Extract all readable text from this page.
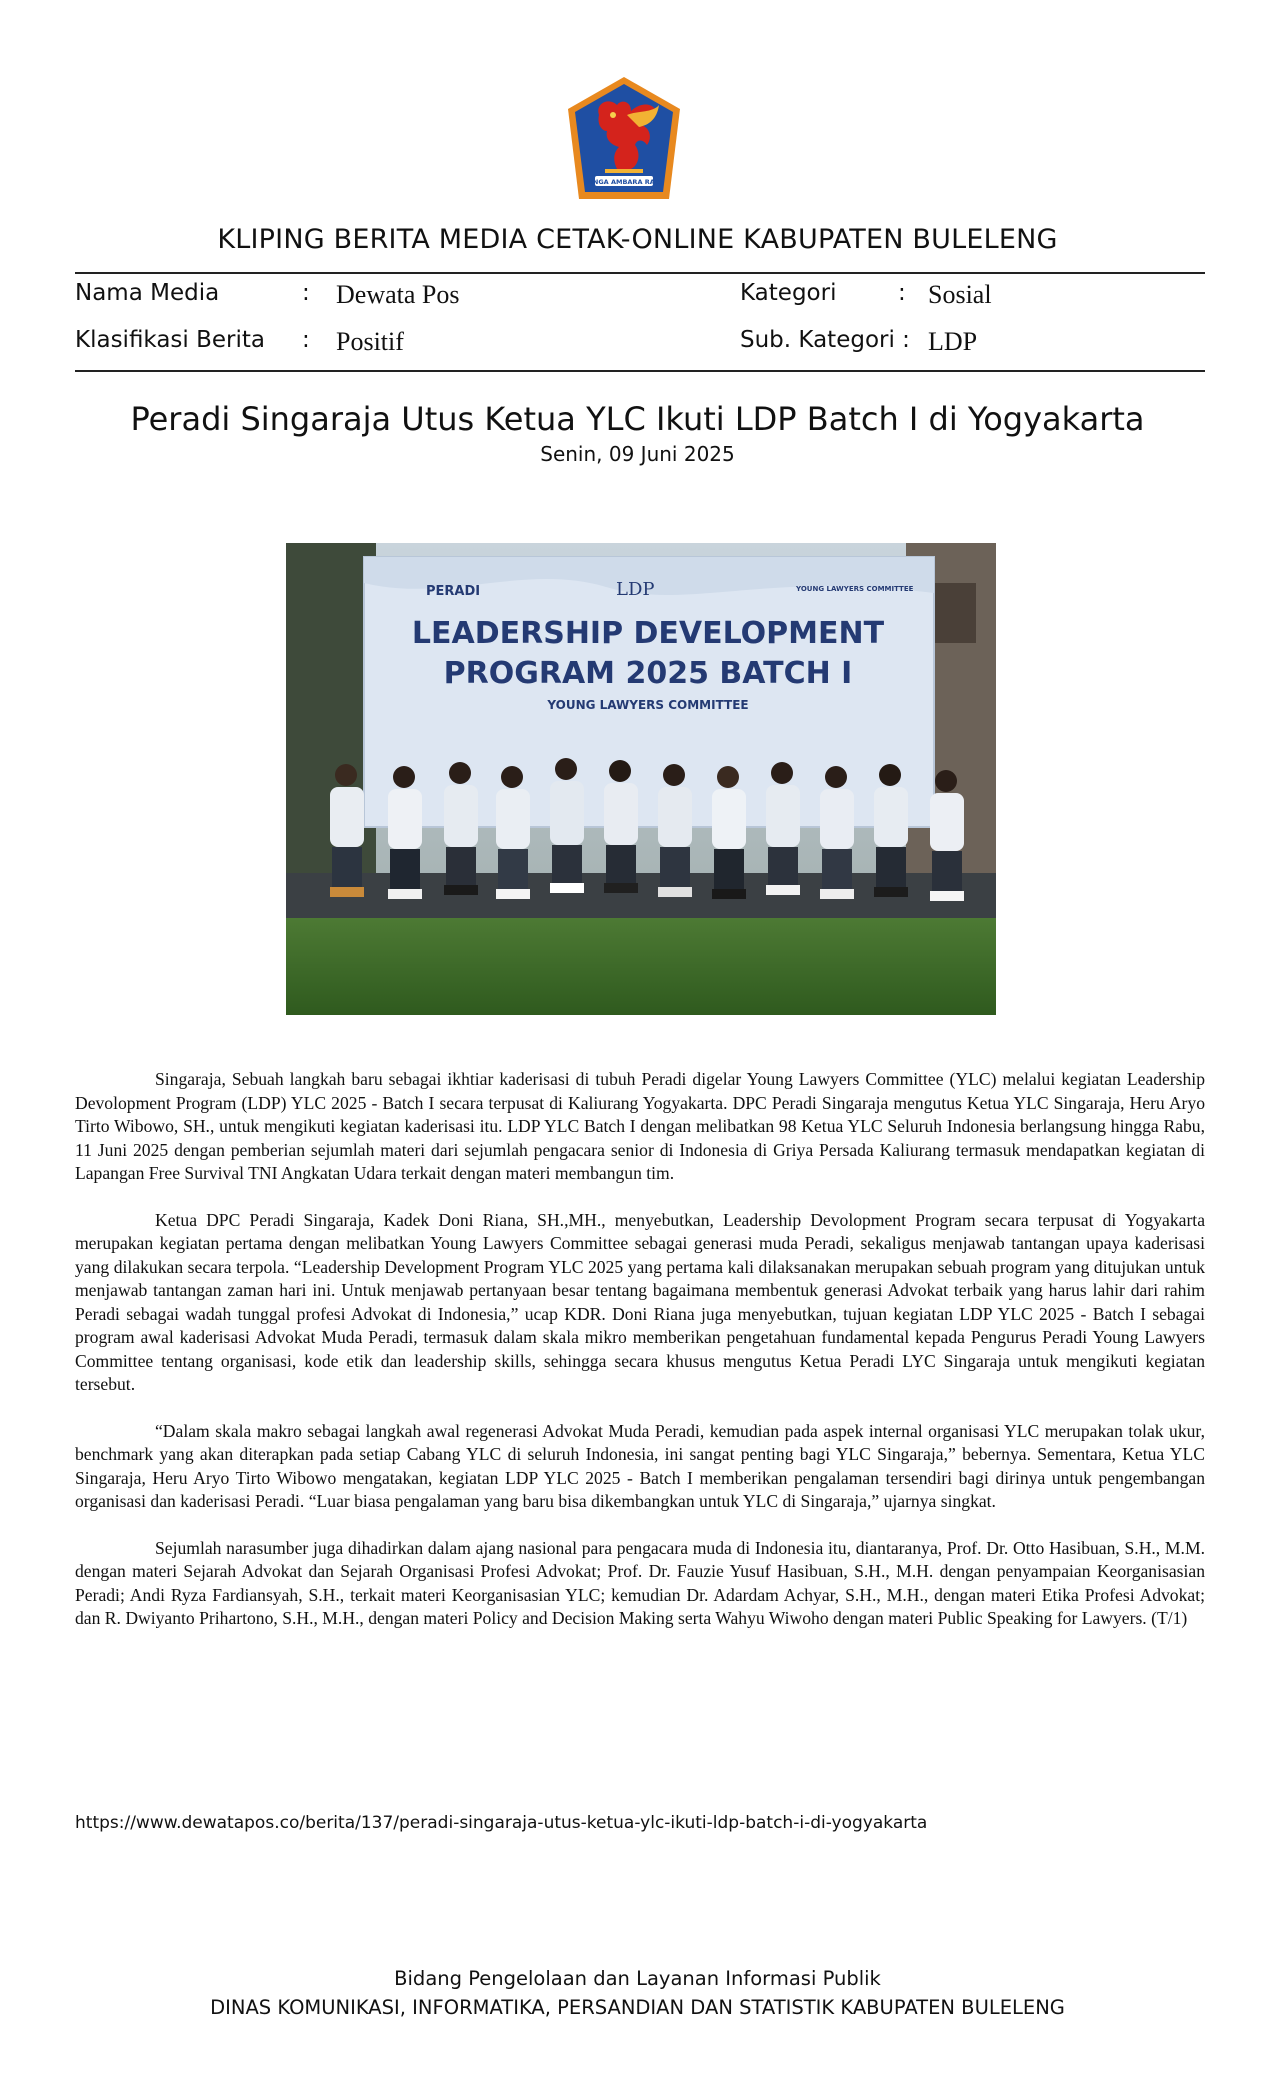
SINGA AMBARA RAJA
KLIPING BERITA MEDIA CETAK-ONLINE KABUPATEN BULELENG
Nama Media	: Dewata Pos	Kategori	: Sosial
Klasifikasi Berita : Positif	Sub. Kategori : LDP
Peradi Singaraja Utus Ketua YLC Ikuti LDP Batch I di Yogyakarta
Senin, 09 Juni 2025
PERADI	LDP	YOUNG LAWYERS COMMITTEE
LEADERSHIP DEVELOPMENT
PROGRAM 2025 BATCH I
YOUNG LAWYERS COMMITTEE

Singaraja, Sebuah langkah baru sebagai ikhtiar kaderisasi di tubuh Peradi digelar Young Lawyers Committee (YLC) melalui kegiatan Leadership Devolopment Program (LDP) YLC 2025 - Batch I secara terpusat di Kaliurang Yogyakarta. DPC Peradi Singaraja mengutus Ketua YLC Singaraja, Heru Aryo Tirto Wibowo, SH., untuk mengikuti kegiatan kaderisasi itu. LDP YLC Batch I dengan melibatkan 98 Ketua YLC Seluruh Indonesia berlangsung hingga Rabu, 11 Juni 2025 dengan pemberian sejumlah materi dari sejumlah pengacara senior di Indonesia di Griya Persada Kaliurang termasuk mendapatkan kegiatan di Lapangan Free Survival TNI Angkatan Udara terkait dengan materi membangun tim.

Ketua DPC Peradi Singaraja, Kadek Doni Riana, SH.,MH., menyebutkan, Leadership Devolopment Program secara terpusat di Yogyakarta merupakan kegiatan pertama dengan melibatkan Young Lawyers Committee sebagai generasi muda Peradi, sekaligus menjawab tantangan upaya kaderisasi yang dilakukan secara terpola. “Leadership Development Program YLC 2025 yang pertama kali dilaksanakan merupakan sebuah program yang ditujukan untuk menjawab tantangan zaman hari ini. Untuk menjawab pertanyaan besar tentang bagaimana membentuk generasi Advokat terbaik yang harus lahir dari rahim Peradi sebagai wadah tunggal profesi Advokat di Indonesia,” ucap KDR. Doni Riana juga menyebutkan, tujuan kegiatan LDP YLC 2025 - Batch I sebagai program awal kaderisasi Advokat Muda Peradi, termasuk dalam skala mikro memberikan pengetahuan fundamental kepada Pengurus Peradi Young Lawyers Committee tentang organisasi, kode etik dan leadership skills, sehingga secara khusus mengutus Ketua Peradi LYC Singaraja untuk mengikuti kegiatan tersebut.

“Dalam skala makro sebagai langkah awal regenerasi Advokat Muda Peradi, kemudian pada aspek internal organisasi YLC merupakan tolak ukur, benchmark yang akan diterapkan pada setiap Cabang YLC di seluruh Indonesia, ini sangat penting bagi YLC Singaraja,” bebernya. Sementara, Ketua YLC Singaraja, Heru Aryo Tirto Wibowo mengatakan, kegiatan LDP YLC 2025 - Batch I memberikan pengalaman tersendiri bagi dirinya untuk pengembangan organisasi dan kaderisasi Peradi. “Luar biasa pengalaman yang baru bisa dikembangkan untuk YLC di Singaraja,” ujarnya singkat.

Sejumlah narasumber juga dihadirkan dalam ajang nasional para pengacara muda di Indonesia itu, diantaranya, Prof. Dr. Otto Hasibuan, S.H., M.M. dengan materi Sejarah Advokat dan Sejarah Organisasi Profesi Advokat; Prof. Dr. Fauzie Yusuf Hasibuan, S.H., M.H. dengan penyampaian Keorganisasian Peradi; Andi Ryza Fardiansyah, S.H., terkait materi Keorganisasian YLC; kemudian Dr. Adardam Achyar, S.H., M.H., dengan materi Etika Profesi Advokat; dan R. Dwiyanto Prihartono, S.H., M.H., dengan materi Policy and Decision Making serta Wahyu Wiwoho dengan materi Public Speaking for Lawyers. (T/1)

https://www.dewatapos.co/berita/137/peradi-singaraja-utus-ketua-ylc-ikuti-ldp-batch-i-di-yogyakarta
Bidang Pengelolaan dan Layanan Informasi Publik
DINAS KOMUNIKASI, INFORMATIKA, PERSANDIAN DAN STATISTIK KABUPATEN BULELENG
